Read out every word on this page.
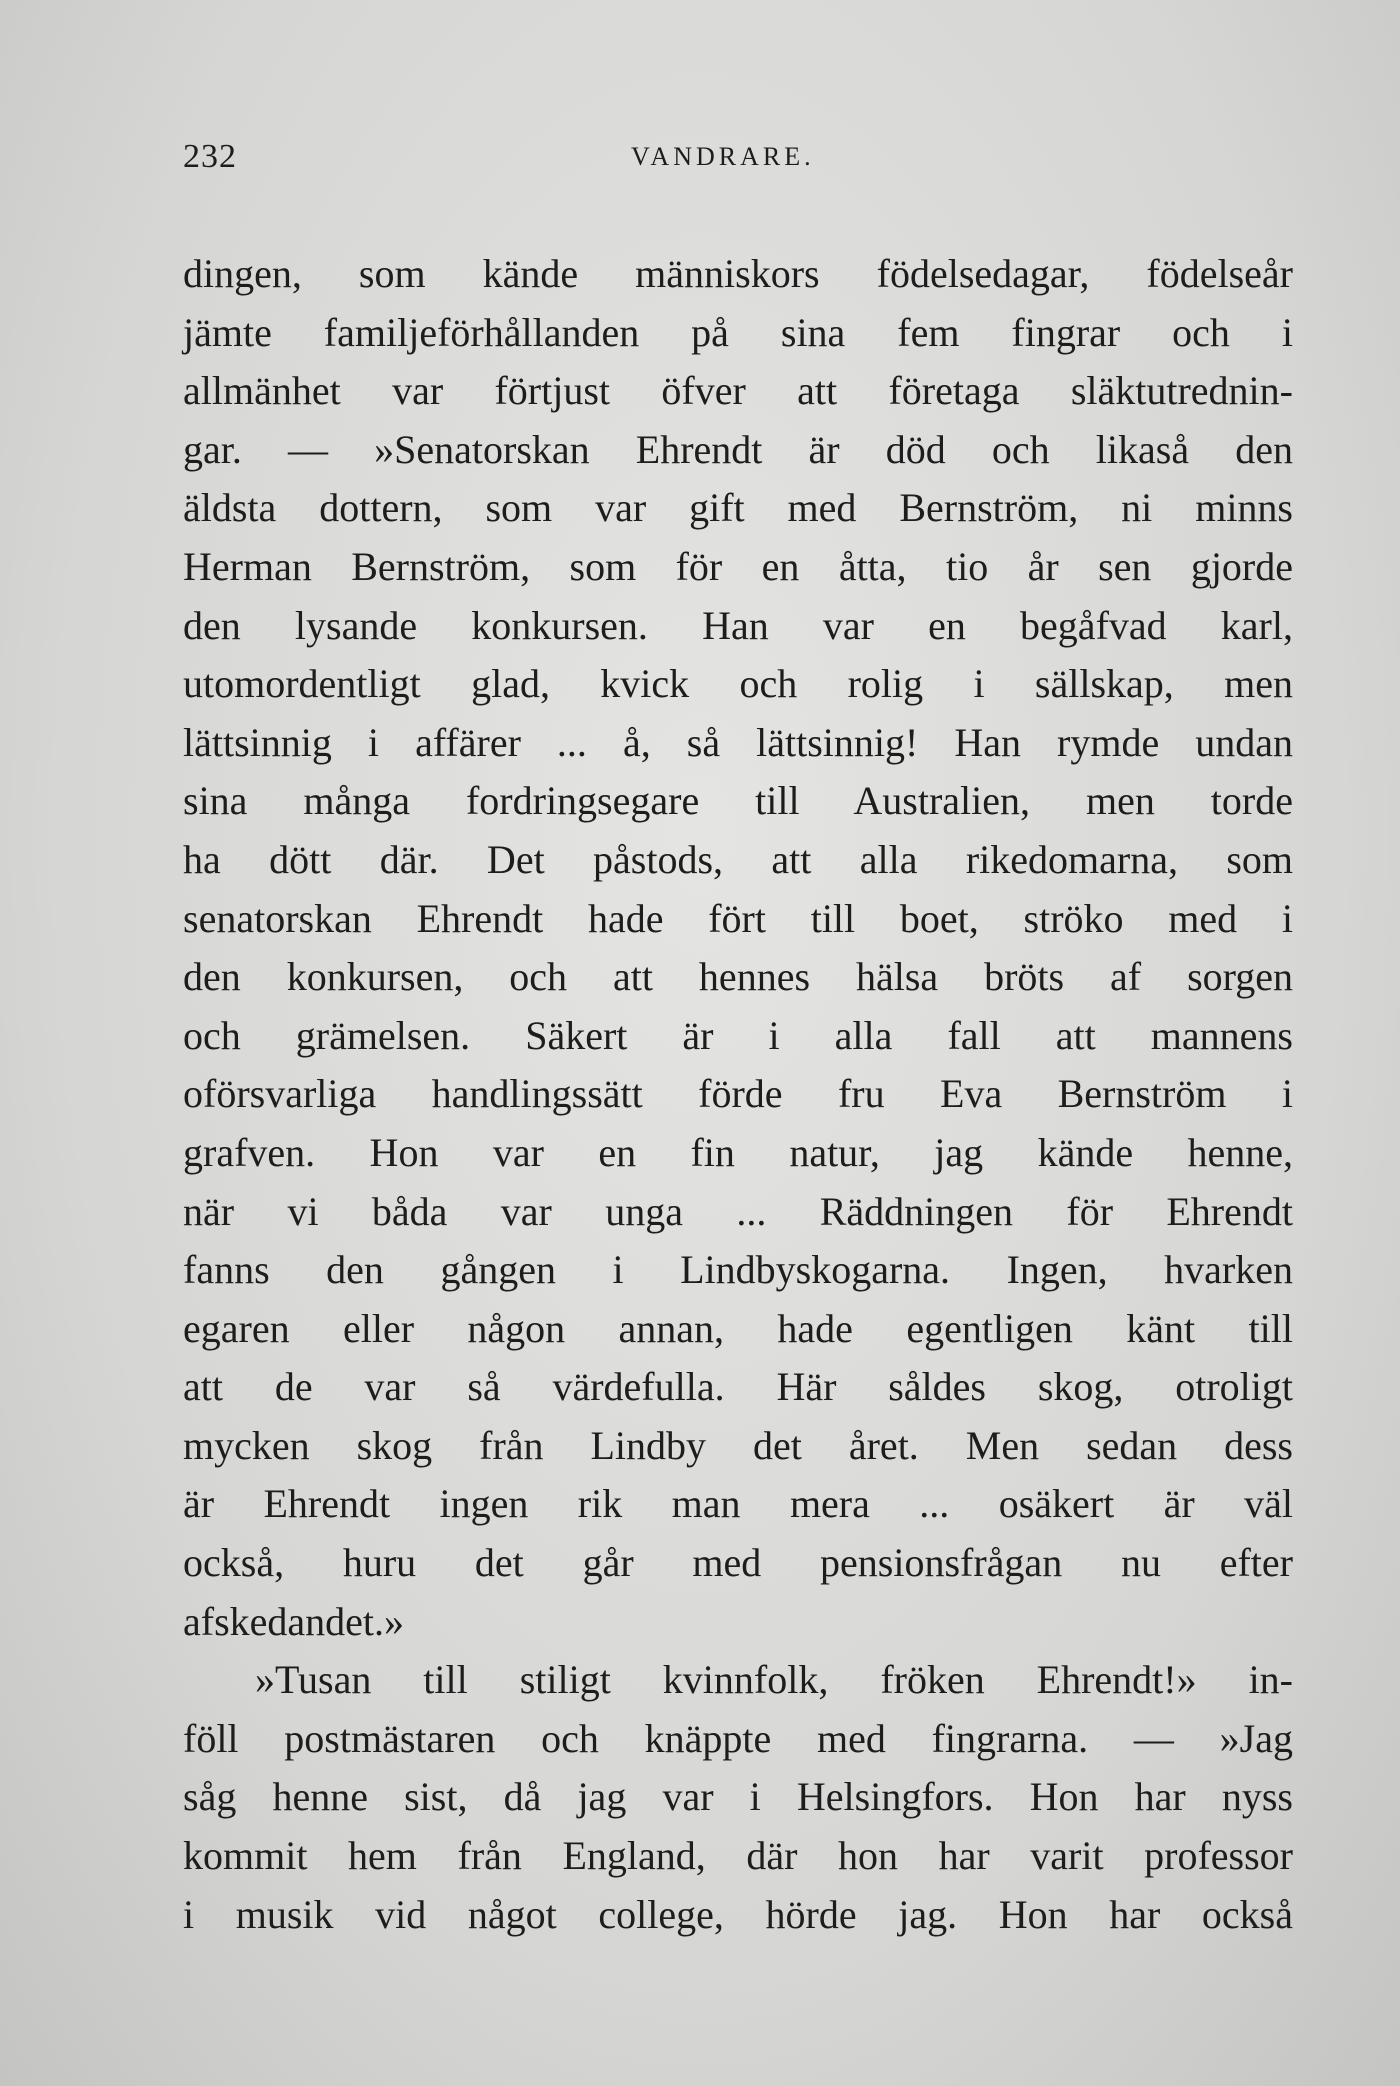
232	VANDRARE.
dingen, som kände människors födelsedagar, födelseår
jämte familjeförhållanden på sina fem fingrar och i
allmänhet var förtjust öfver att företaga släktutrednin-
gar. — »Senatorskan Ehrendt är död och likaså den
äldsta dottern, som var gift med Bernström, ni minns
Herman Bernström, som för en åtta, tio år sen gjorde
den lysande konkursen. Han var en begåfvad karl,
utomordentligt glad, kvick och rolig i sällskap, men
lättsinnig i affärer ... å, så lättsinnig! Han rymde undan
sina många fordringsegare till Australien, men torde
ha dött där. Det påstods, att alla rikedomarna, som
senatorskan Ehrendt hade fört till boet, ströko med i
den konkursen, och att hennes hälsa bröts af sorgen
och grämelsen. Säkert är i alla fall att mannens
oförsvarliga handlingssätt förde fru Eva Bernström i
grafven. Hon var en fin natur, jag kände henne,
när vi båda var unga ... Räddningen för Ehrendt
fanns den gången i Lindbyskogarna. Ingen, hvarken
egaren eller någon annan, hade egentligen känt till
att de var så värdefulla. Här såldes skog, otroligt
mycken skog från Lindby det året. Men sedan dess
är Ehrendt ingen rik man mera ... osäkert är väl
också, huru det går med pensionsfrågan nu efter
afskedandet.»
»Tusan till stiligt kvinnfolk, fröken Ehrendt!» in-
föll postmästaren och knäppte med fingrarna. — »Jag
såg henne sist, då jag var i Helsingfors. Hon har nyss
kommit hem från England, där hon har varit professor
i musik vid något college, hörde jag. Hon har också
